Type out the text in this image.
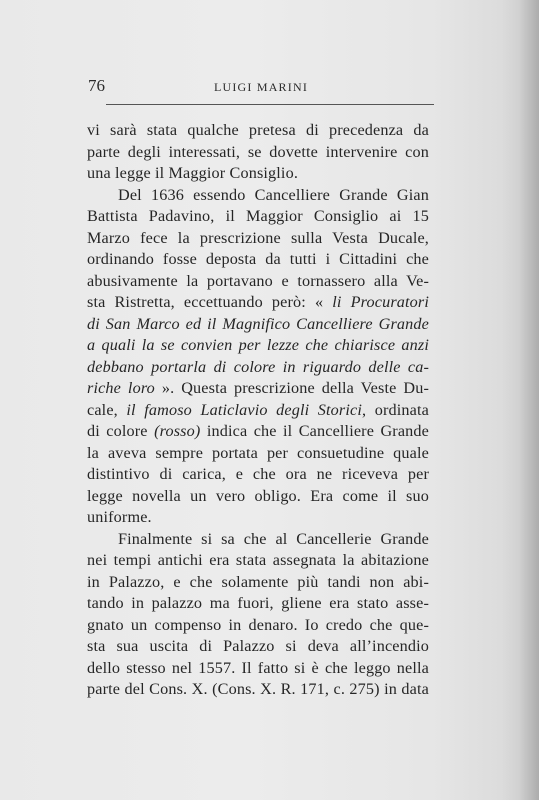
76	LUIGI MARINI
vi sarà stata qualche pretesa di precedenza da
parte degli interessati, se dovette intervenire con
una legge il Maggior Consiglio.
Del 1636 essendo Cancelliere Grande Gian
Battista Padavino, il Maggior Consiglio ai 15
Marzo fece la prescrizione sulla Vesta Ducale,
ordinando fosse deposta da tutti i Cittadini che
abusivamente la portavano e tornassero alla Ve-
sta Ristretta, eccettuando però: « li Procuratori
di San Marco ed il Magnifico Cancelliere Grande
a quali la se convien per lezze che chiarisce anzi
debbano portarla di colore in riguardo delle ca-
riche loro ». Questa prescrizione della Veste Du-
cale, il famoso Laticlavio degli Storici, ordinata
di colore (rosso) indica che il Cancelliere Grande
la aveva sempre portata per consuetudine quale
distintivo di carica, e che ora ne riceveva per
legge novella un vero obligo. Era come il suo
uniforme.
Finalmente si sa che al Cancellerie Grande
nei tempi antichi era stata assegnata la abitazione
in Palazzo, e che solamente più tandi non abi-
tando in palazzo ma fuori, gliene era stato asse-
gnato un compenso in denaro. Io credo che que-
sta sua uscita di Palazzo si deva all’incendio
dello stesso nel 1557. Il fatto si è che leggo nella
parte del Cons. X. (Cons. X. R. 171, c. 275) in data
